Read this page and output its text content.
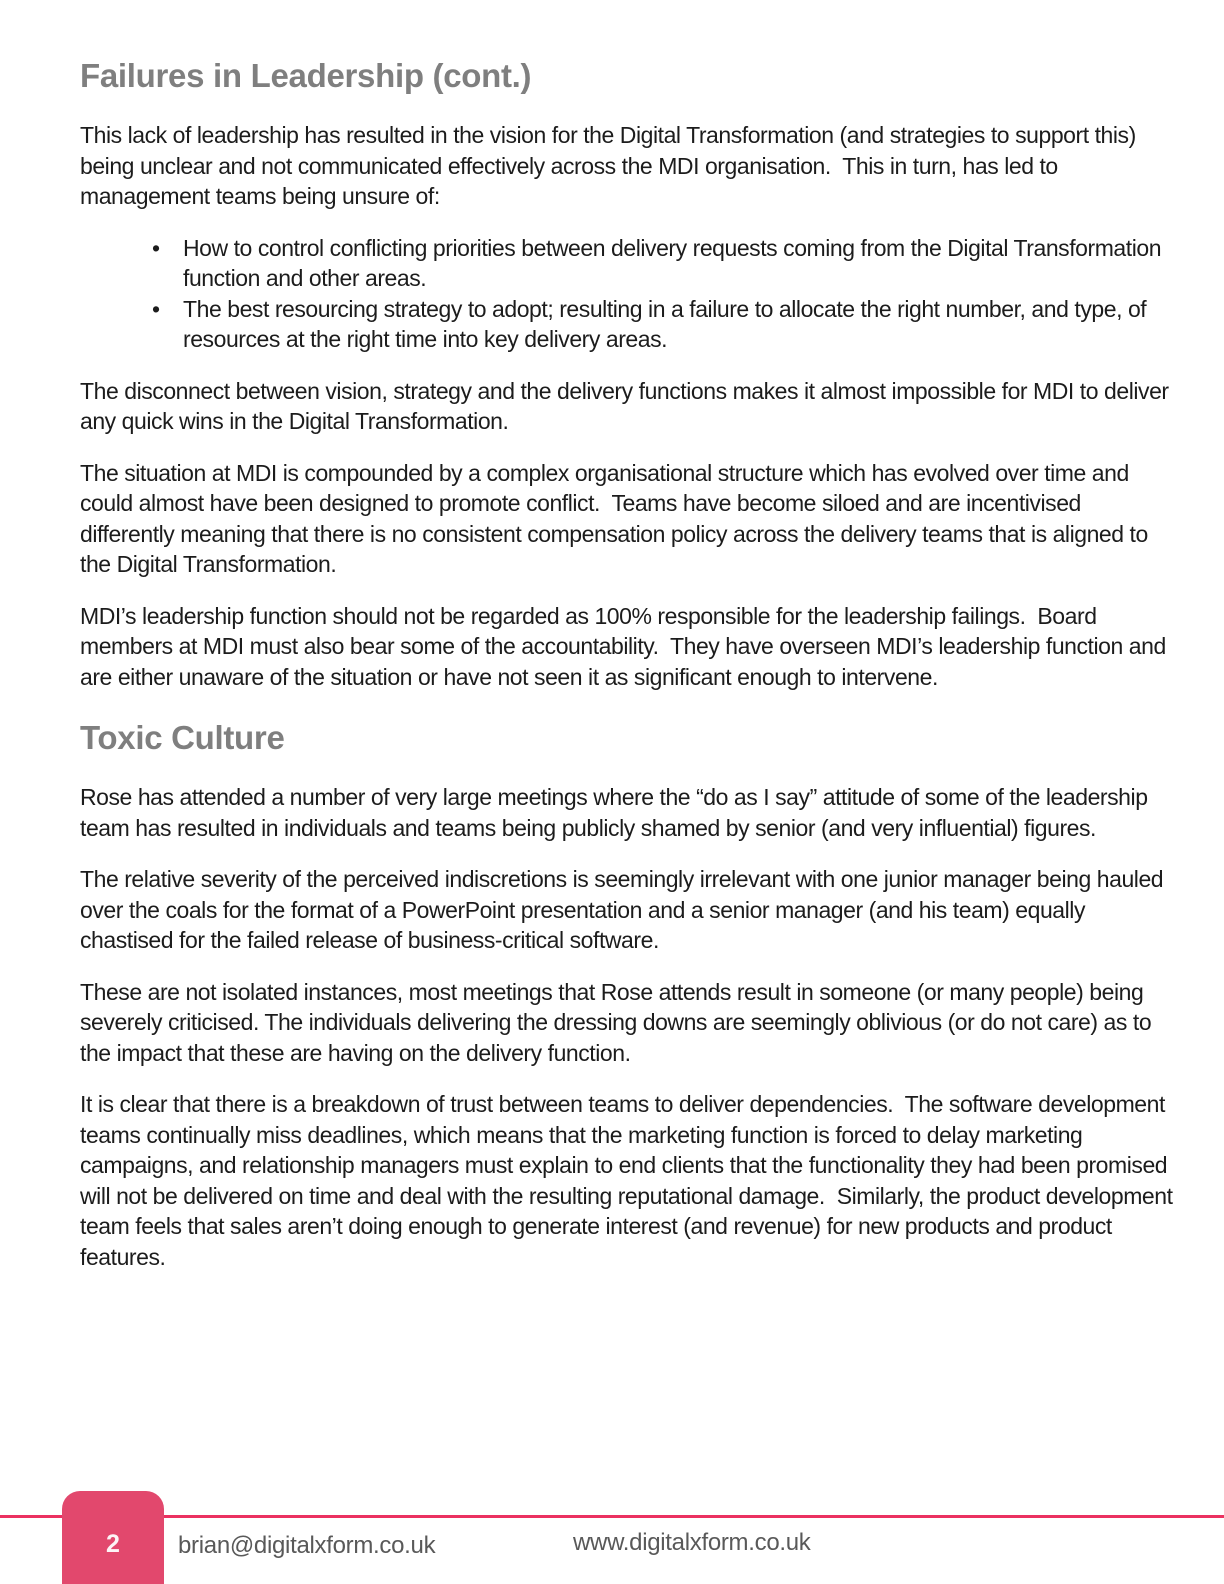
Failures in Leadership (cont.)

This lack of leadership has resulted in the vision for the Digital Transformation (and strategies to support this) being unclear and not communicated effectively across the MDI organisation.  This in turn, has led to management teams being unsure of:

• How to control conflicting priorities between delivery requests coming from the Digital Transformation function and other areas.
• The best resourcing strategy to adopt; resulting in a failure to allocate the right number, and type, of resources at the right time into key delivery areas.

The disconnect between vision, strategy and the delivery functions makes it almost impossible for MDI to deliver any quick wins in the Digital Transformation.

The situation at MDI is compounded by a complex organisational structure which has evolved over time and could almost have been designed to promote conflict.  Teams have become siloed and are incentivised differently meaning that there is no consistent compensation policy across the delivery teams that is aligned to the Digital Transformation.

MDI’s leadership function should not be regarded as 100% responsible for the leadership failings.  Board members at MDI must also bear some of the accountability.  They have overseen MDI’s leadership function and are either unaware of the situation or have not seen it as significant enough to intervene.

Toxic Culture

Rose has attended a number of very large meetings where the “do as I say” attitude of some of the leadership team has resulted in individuals and teams being publicly shamed by senior (and very influential) figures.

The relative severity of the perceived indiscretions is seemingly irrelevant with one junior manager being hauled over the coals for the format of a PowerPoint presentation and a senior manager (and his team) equally chastised for the failed release of business-critical software.

These are not isolated instances, most meetings that Rose attends result in someone (or many people) being severely criticised. The individuals delivering the dressing downs are seemingly oblivious (or do not care) as to the impact that these are having on the delivery function.

It is clear that there is a breakdown of trust between teams to deliver dependencies.  The software development teams continually miss deadlines, which means that the marketing function is forced to delay marketing campaigns, and relationship managers must explain to end clients that the functionality they had been promised will not be delivered on time and deal with the resulting reputational damage.  Similarly, the product development team feels that sales aren’t doing enough to generate interest (and revenue) for new products and product features.

2 brian@digitalxform.co.uk	www.digitalxform.co.uk
